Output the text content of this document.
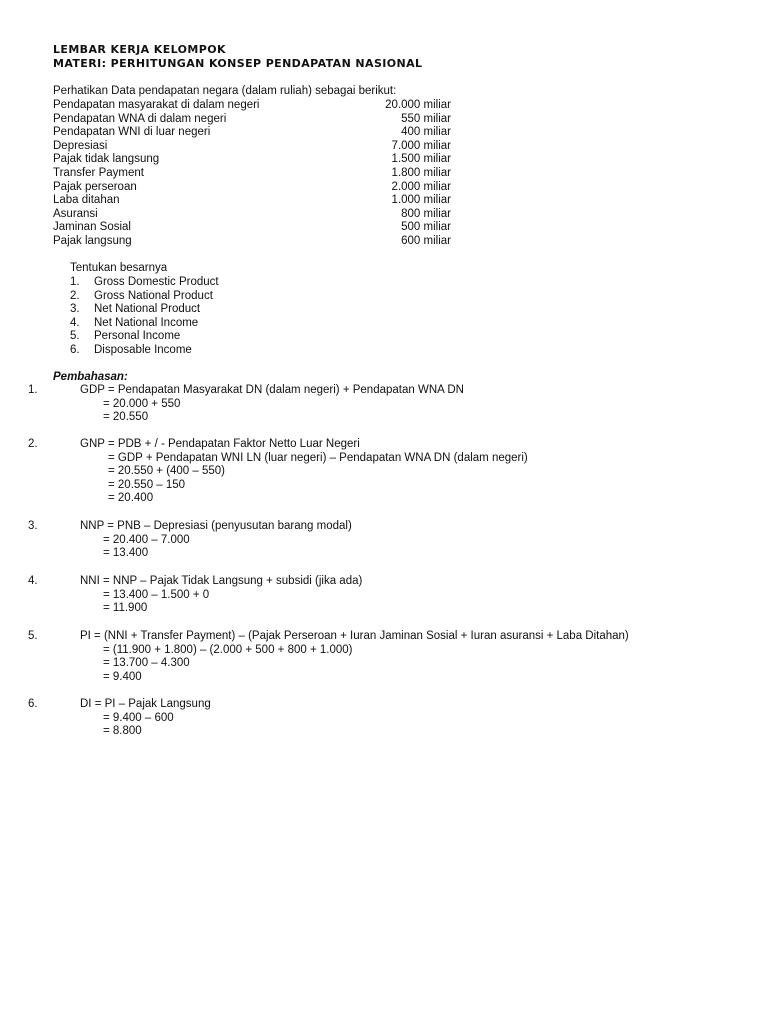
LEMBAR KERJA KELOMPOK
MATERI: PERHITUNGAN KONSEP PENDAPATAN NASIONAL
Perhatikan Data pendapatan negara (dalam ruliah) sebagai berikut:
Pendapatan masyarakat di dalam negeri	20.000 miliar
Pendapatan WNA di dalam negeri	550 miliar
Pendapatan WNI di luar negeri	400 miliar
Depresiasi	7.000 miliar
Pajak tidak langsung	1.500 miliar
Transfer Payment	1.800 miliar
Pajak perseroan	2.000 miliar
Laba ditahan	1.000 miliar
Asuransi	800 miliar
Jaminan Sosial	500 miliar
Pajak langsung	600 miliar
Tentukan besarnya
1. Gross Domestic Product
2. Gross National Product
3. Net National Product
4. Net National Income
5. Personal Income
6. Disposable Income
Pembahasan:
1.	GDP = Pendapatan Masyarakat DN (dalam negeri) + Pendapatan WNA DN
= 20.000 + 550
= 20.550
2.	GNP = PDB + / - Pendapatan Faktor Netto Luar Negeri
= GDP + Pendapatan WNI LN (luar negeri) – Pendapatan WNA DN (dalam negeri)
= 20.550 + (400 – 550)
= 20.550 – 150
= 20.400
3.	NNP = PNB – Depresiasi (penyusutan barang modal)
= 20.400 – 7.000
= 13.400
4.	NNI = NNP – Pajak Tidak Langsung + subsidi (jika ada)
= 13.400 – 1.500 + 0
= 11.900
5.	PI = (NNI + Transfer Payment) – (Pajak Perseroan + Iuran Jaminan Sosial + Iuran asuransi + Laba Ditahan)
= (11.900 + 1.800) – (2.000 + 500 + 800 + 1.000)
= 13.700 – 4.300
= 9.400
6.	DI = PI – Pajak Langsung
= 9.400 – 600
= 8.800
